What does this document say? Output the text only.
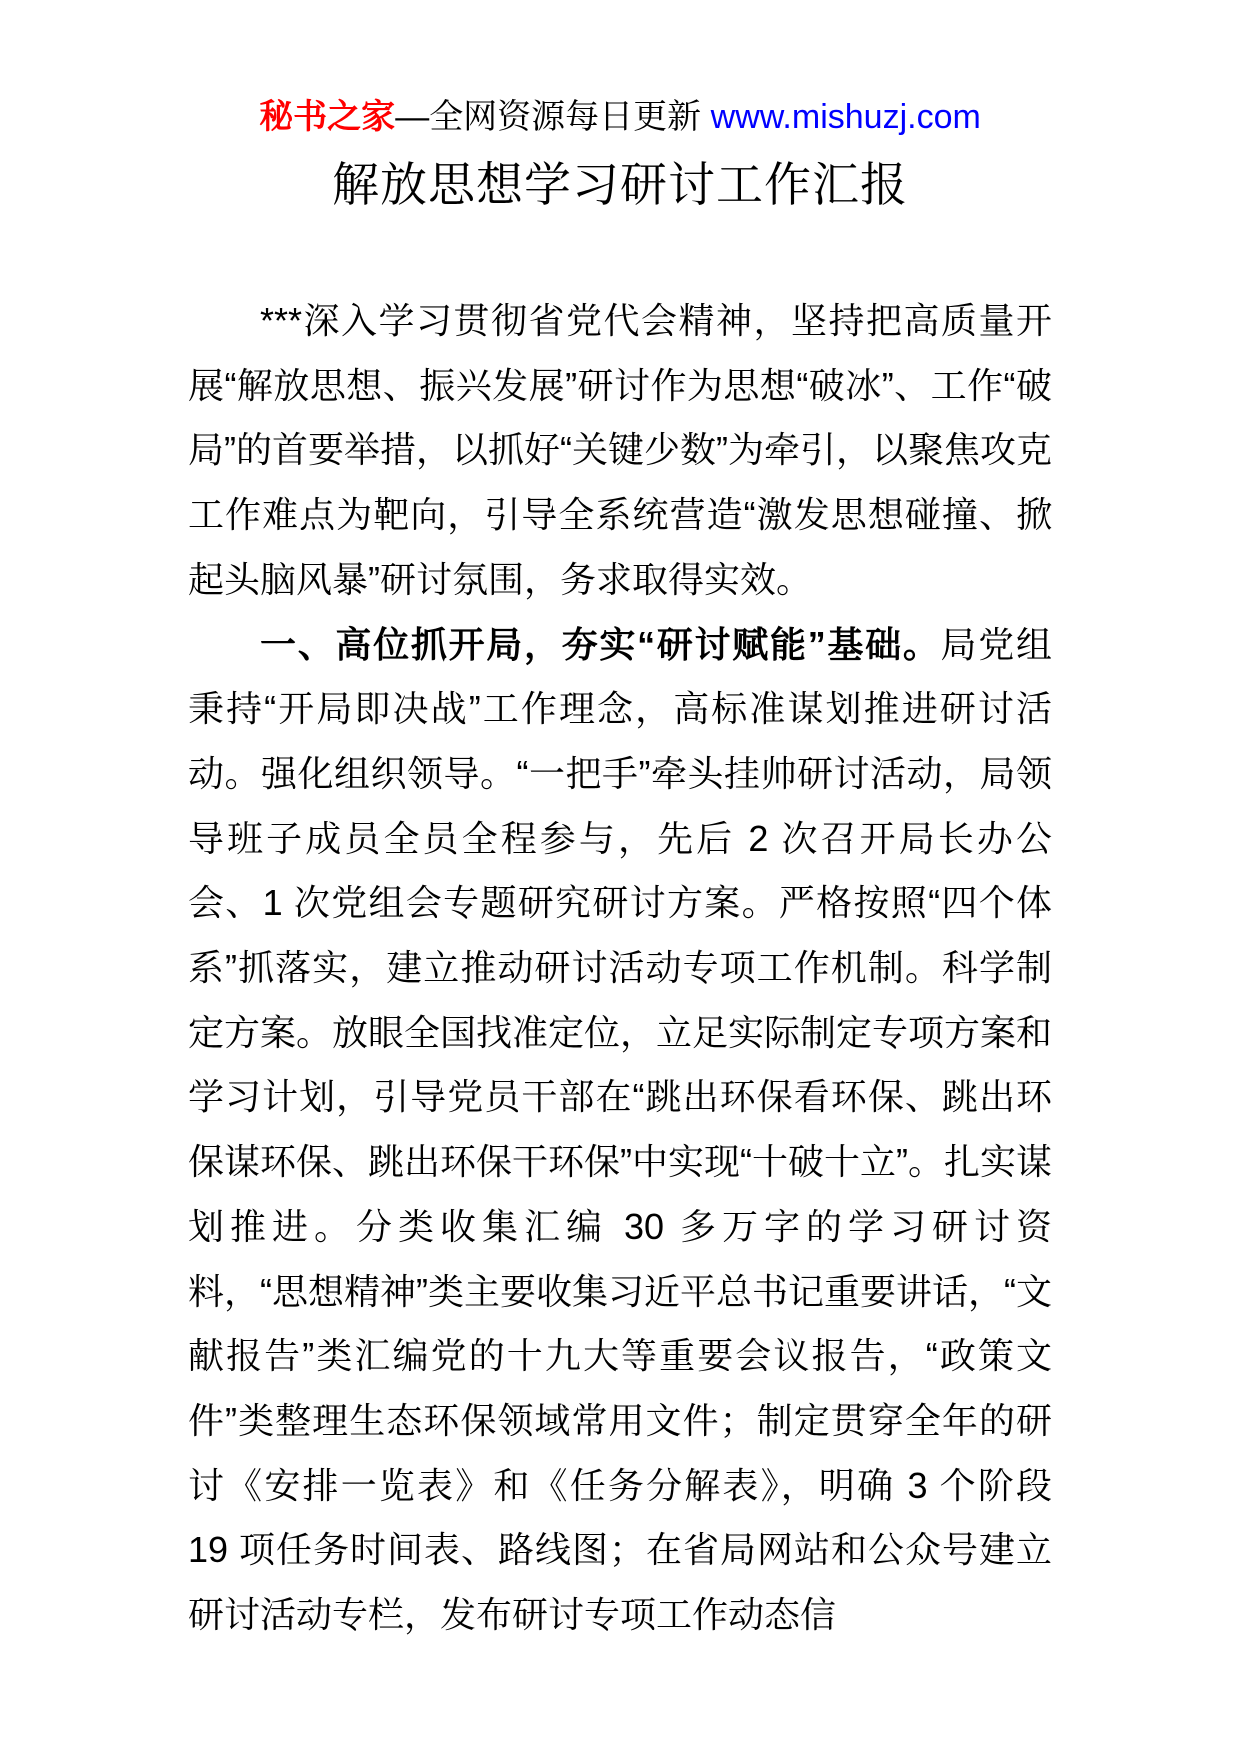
秘书之家—全网资源每日更新 www.mishuzj.com
解放思想学习研讨工作汇报

***深入学习贯彻省党代会精神，坚持把高质量开展“解放思想、振兴发展”研讨作为思想“破冰”、工作“破局”的首要举措，以抓好“关键少数”为牵引，以聚焦攻克工作难点为靶向，引导全系统营造“激发思想碰撞、掀起头脑风暴”研讨氛围，务求取得实效。

一、高位抓开局，夯实“研讨赋能”基础。局党组秉持“开局即决战”工作理念，高标准谋划推进研讨活动。强化组织领导。“一把手”牵头挂帅研讨活动，局领导班子成员全员全程参与，先后 2 次召开局长办公会、1 次党组会专题研究研讨方案。严格按照“四个体系”抓落实，建立推动研讨活动专项工作机制。科学制定方案。放眼全国找准定位，立足实际制定专项方案和学习计划，引导党员干部在“跳出环保看环保、跳出环保谋环保、跳出环保干环保”中实现“十破十立”。扎实谋划推进。分类收集汇编 30 多万字的学习研讨资料，“思想精神”类主要收集习近平总书记重要讲话，“文献报告”类汇编党的十九大等重要会议报告，“政策文件”类整理生态环保领域常用文件；制定贯穿全年的研讨《安排一览表》和《任务分解表》，明确 3 个阶段 19 项任务时间表、路线图；在省局网站和公众号建立研讨活动专栏，发布研讨专项工作动态信
